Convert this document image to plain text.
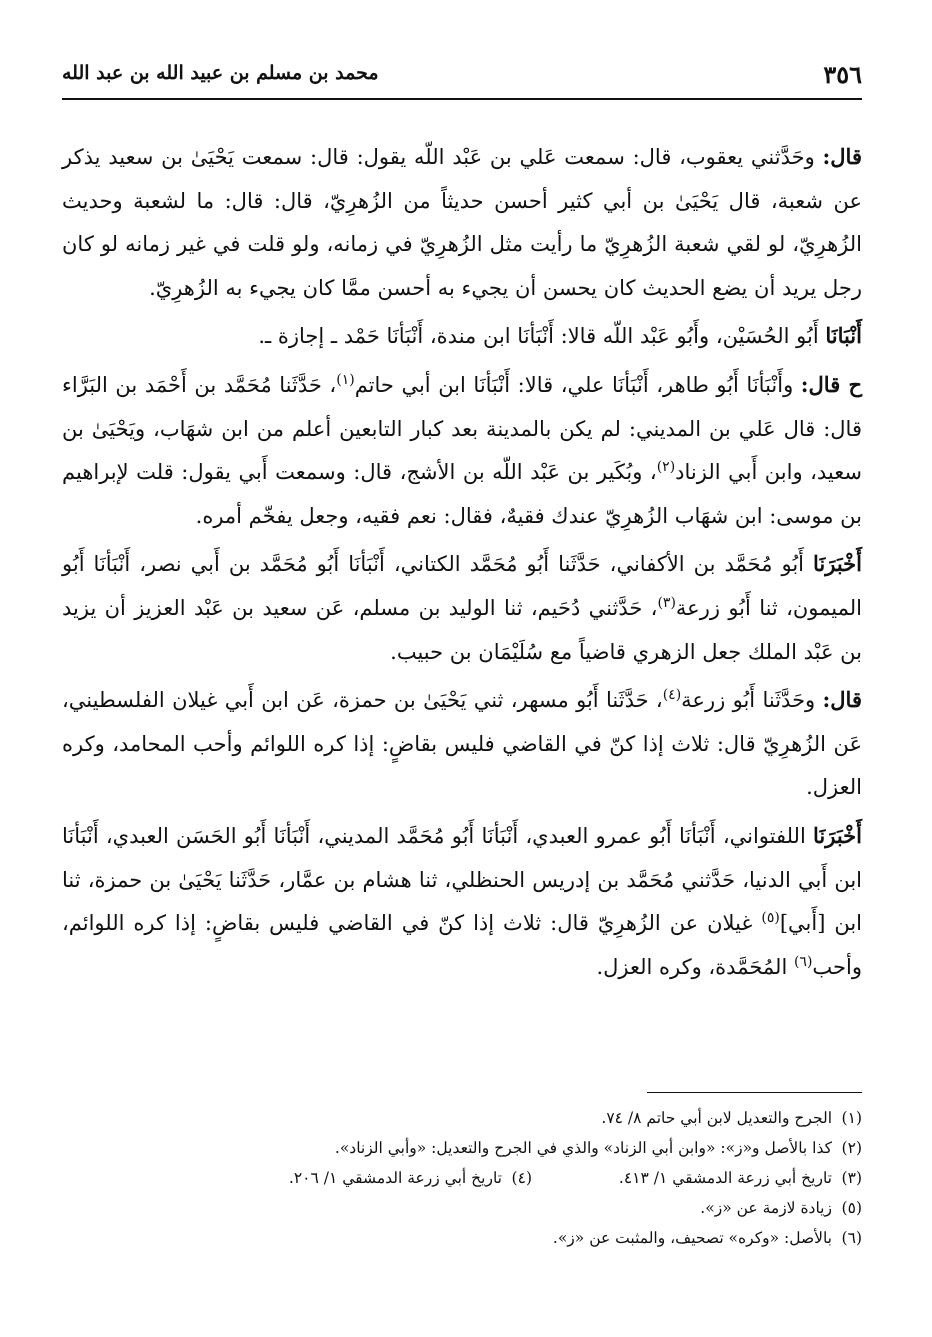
٣٥٦
محمد بن مسلم بن عبيد الله بن عبد الله

قال: وحَدَّثني يعقوب، قال: سمعت عَلي بن عَبْد اللّه يقول: قال: سمعت يَحْيَىٰ بن سعيد يذكر عن شعبة، قال يَحْيَىٰ بن أبي كثير أحسن حديثاً من الزُهرِيّ، قال: قال: ما لشعبة وحديث الزُهرِيّ، لو لقي شعبة الزُهرِيّ ما رأيت مثل الزُهرِيّ في زمانه، ولو قلت في غير زمانه لو كان رجل يريد أن يضع الحديث كان يحسن أن يجيء به أحسن ممَّا كان يجيء به الزُهرِيّ.

أَنْبَانَا أَبُو الحُسَيْن، وأَبُو عَبْد اللّه قالا: أَنْبَأنَا ابن مندة، أَنْبَأنَا حَمْد ـ إجازة ـ.

ح قال: وأَنْبَأنَا أَبُو طاهر، أَنْبَأنَا علي، قالا: أَنْبَأنَا ابن أبي حاتم$^{(١)}$، حَدَّثَنا مُحَمَّد بن أَحْمَد بن البَرَّاء قال: قال عَلي بن المديني: لم يكن بالمدينة بعد كبار التابعين أعلم من ابن شهَاب، ويَحْيَىٰ بن سعيد، وابن أَبي الزناد$^{(٢)}$، وبُكَير بن عَبْد اللّه بن الأشج، قال: وسمعت أَبي يقول: قلت لإبراهيم بن موسى: ابن شهَاب الزُهرِيّ عندك فقيهٌ، فقال: نعم فقيه، وجعل يفخّم أمره.

أَخْبَرَنَا أَبُو مُحَمَّد بن الأكفاني، حَدَّثَنا أَبُو مُحَمَّد الكتاني، أَنْبَأنَا أَبُو مُحَمَّد بن أَبي نصر، أَنْبَأنَا أَبُو الميمون، ثنا أَبُو زرعة$^{(٣)}$، حَدَّثني دُحَيم، ثنا الوليد بن مسلم، عَن سعيد بن عَبْد العزيز أن يزيد بن عَبْد الملك جعل الزهري قاضياً مع سُلَيْمَان بن حبيب.

قال: وحَدَّثَنا أَبُو زرعة$^{(٤)}$، حَدَّثَنا أَبُو مسهر، ثني يَحْيَىٰ بن حمزة، عَن ابن أَبي غيلان الفلسطيني، عَن الزُهرِيّ قال: ثلاث إذا كنّ في القاضي فليس بقاضٍ: إذا كره اللوائم وأحب المحامد، وكره العزل.

أَخْبَرَنَا اللفتواني، أَنْبَأنَا أَبُو عمرو العبدي، أَنْبَأنَا أَبُو مُحَمَّد المديني، أَنْبَأنَا أَبُو الحَسَن العبدي، أَنْبَأنَا ابن أَبي الدنيا، حَدَّثني مُحَمَّد بن إدريس الحنظلي، ثنا هشام بن عمَّار، حَدَّثَنا يَحْيَىٰ بن حمزة، ثنا ابن [أَبي]$^{(٥)}$ غيلان عن الزُهرِيّ قال: ثلاث إذا كنّ في القاضي فليس بقاضٍ: إذا كره اللوائم، وأحب$^{(٦)}$ المُحَمَّدة، وكره العزل.

(١)الجرح والتعديل لابن أبي حاتم ٨/ ٧٤.
(٢)كذا بالأصل و«ز»: «وابن أبي الزناد» والذي في الجرح والتعديل: «وأبي الزناد».
(٣)تاريخ أبي زرعة الدمشقي ١/ ٤١٣.(٤)تاريخ أبي زرعة الدمشقي ١/ ٢٠٦.
(٥)زيادة لازمة عن «ز».
(٦)بالأصل: «وكره» تصحيف، والمثبت عن «ز».
